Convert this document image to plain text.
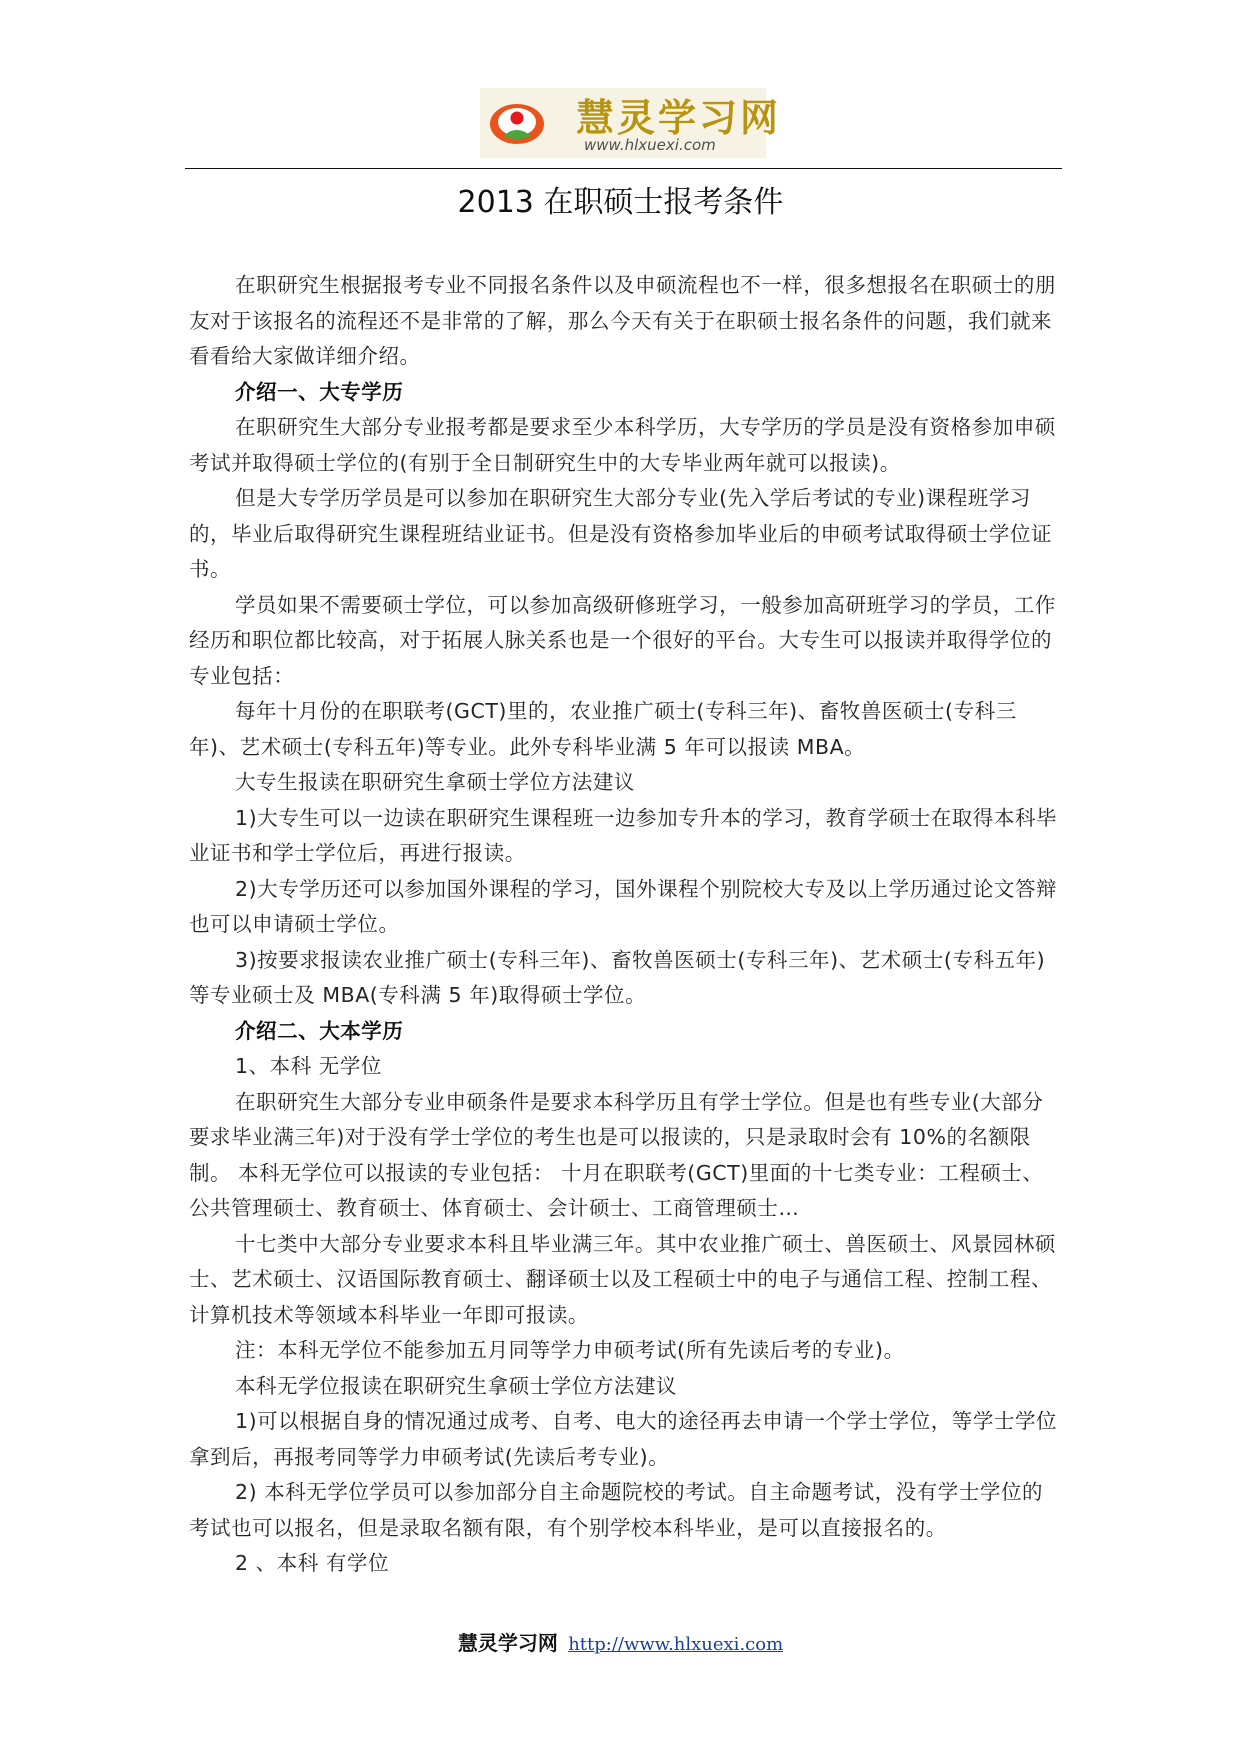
慧灵学习网
www.hlxuexi.com
2013 在职硕士报考条件

在职研究生根据报考专业不同报名条件以及申硕流程也不一样，很多想报名在职硕士的朋友对于该报名的流程还不是非常的了解，那么今天有关于在职硕士报名条件的问题，我们就来看看给大家做详细介绍。

介绍一、大专学历

在职研究生大部分专业报考都是要求至少本科学历，大专学历的学员是没有资格参加申硕考试并取得硕士学位的(有别于全日制研究生中的大专毕业两年就可以报读)。

但是大专学历学员是可以参加在职研究生大部分专业(先入学后考试的专业)课程班学习的，毕业后取得研究生课程班结业证书。但是没有资格参加毕业后的申硕考试取得硕士学位证书。

学员如果不需要硕士学位，可以参加高级研修班学习，一般参加高研班学习的学员，工作经历和职位都比较高，对于拓展人脉关系也是一个很好的平台。大专生可以报读并取得学位的专业包括：

每年十月份的在职联考(GCT)里的，农业推广硕士(专科三年)、畜牧兽医硕士(专科三年)、艺术硕士(专科五年)等专业。此外专科毕业满 5 年可以报读 MBA。

大专生报读在职研究生拿硕士学位方法建议

1)大专生可以一边读在职研究生课程班一边参加专升本的学习，教育学硕士在取得本科毕业证书和学士学位后，再进行报读。

2)大专学历还可以参加国外课程的学习，国外课程个别院校大专及以上学历通过论文答辩也可以申请硕士学位。

3)按要求报读农业推广硕士(专科三年)、畜牧兽医硕士(专科三年)、艺术硕士(专科五年)等专业硕士及 MBA(专科满 5 年)取得硕士学位。

介绍二、大本学历

1、本科 无学位

在职研究生大部分专业申硕条件是要求本科学历且有学士学位。但是也有些专业(大部分要求毕业满三年)对于没有学士学位的考生也是可以报读的，只是录取时会有 10%的名额限制。 本科无学位可以报读的专业包括： 十月在职联考(GCT)里面的十七类专业：工程硕士、公共管理硕士、教育硕士、体育硕士、会计硕士、工商管理硕士…

十七类中大部分专业要求本科且毕业满三年。其中农业推广硕士、兽医硕士、风景园林硕士、艺术硕士、汉语国际教育硕士、翻译硕士以及工程硕士中的电子与通信工程、控制工程、计算机技术等领域本科毕业一年即可报读。

注：本科无学位不能参加五月同等学力申硕考试(所有先读后考的专业)。

本科无学位报读在职研究生拿硕士学位方法建议

1)可以根据自身的情况通过成考、自考、电大的途径再去申请一个学士学位，等学士学位拿到后，再报考同等学力申硕考试(先读后考专业)。

2) 本科无学位学员可以参加部分自主命题院校的考试。自主命题考试，没有学士学位的考试也可以报名，但是录取名额有限，有个别学校本科毕业，是可以直接报名的。

2 、本科 有学位

慧灵学习网 http://www.hlxuexi.com
